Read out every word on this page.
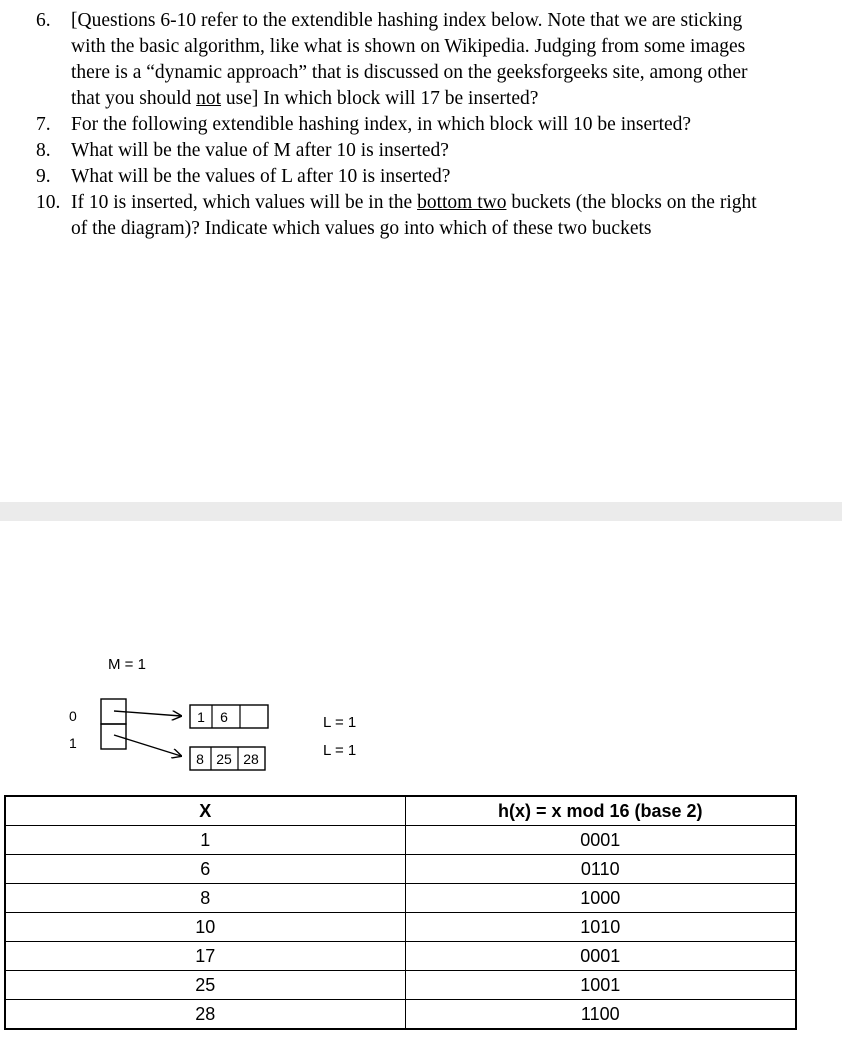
6. [Questions 6-10 refer to the extendible hashing index below. Note that we are sticking
with the basic algorithm, like what is shown on Wikipedia. Judging from some images
there is a “dynamic approach” that is discussed on the geeksforgeeks site, among other
that you should not use] In which block will 17 be inserted?
7. For the following extendible hashing index, in which block will 10 be inserted?
8. What will be the value of M after 10 is inserted?
9. What will be the values of L after 10 is inserted?
10. If 10 is inserted, which values will be in the bottom two buckets (the blocks on the right
of the diagram)? Indicate which values go into which of these two buckets
M = 1
0
1
1 6
8 25 28
L = 1
L = 1
X	h(x) = x mod 16 (base 2)
1	0001
6	0110
8	1000
10	1010
17	0001
25	1001
28	1100
